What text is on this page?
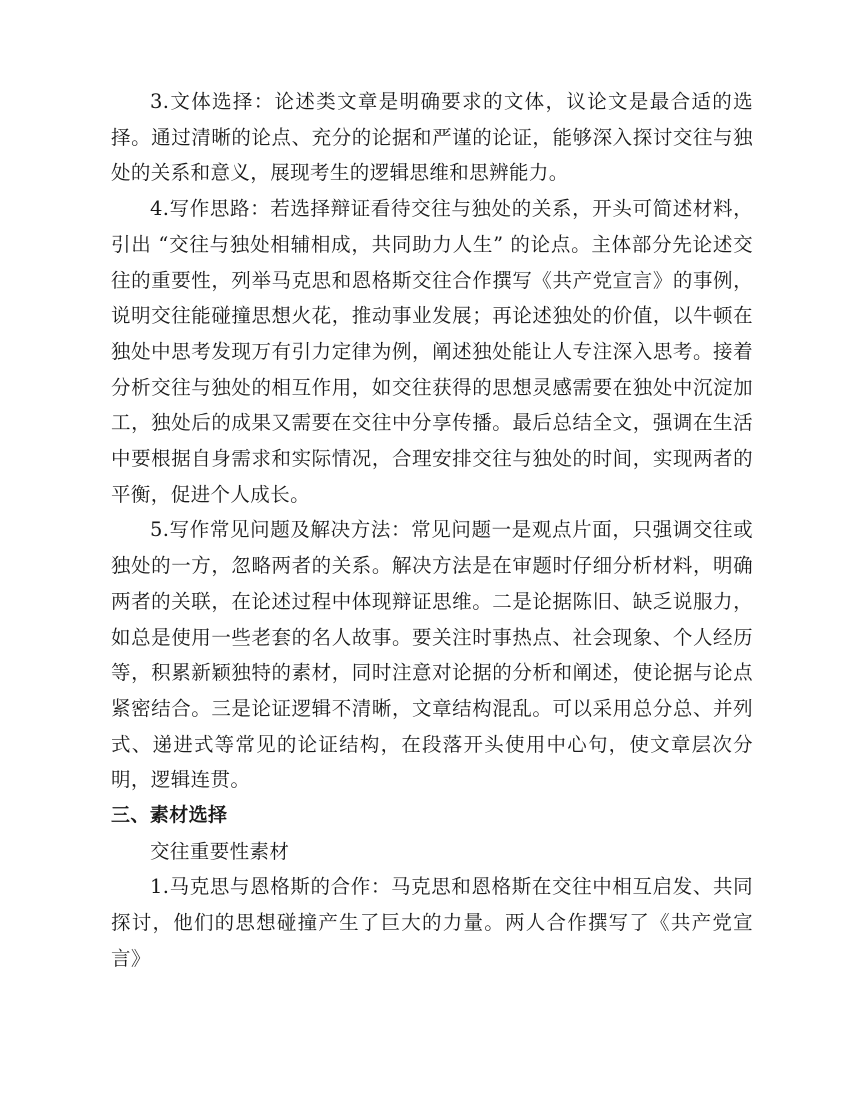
3.文体选择：论述类文章是明确要求的文体，议论文是最合适的选择。通过清晰的论点、充分的论据和严谨的论证，能够深入探讨交往与独处的关系和意义，展现考生的逻辑思维和思辨能力。

4.写作思路：若选择辩证看待交往与独处的关系，开头可简述材料，引出 “交往与独处相辅相成，共同助力人生” 的论点。主体部分先论述交往的重要性，列举马克思和恩格斯交往合作撰写《共产党宣言》的事例，说明交往能碰撞思想火花，推动事业发展；再论述独处的价值，以牛顿在独处中思考发现万有引力定律为例，阐述独处能让人专注深入思考。接着分析交往与独处的相互作用，如交往获得的思想灵感需要在独处中沉淀加工，独处后的成果又需要在交往中分享传播。最后总结全文，强调在生活中要根据自身需求和实际情况，合理安排交往与独处的时间，实现两者的平衡，促进个人成长。

5.写作常见问题及解决方法：常见问题一是观点片面，只强调交往或独处的一方，忽略两者的关系。解决方法是在审题时仔细分析材料，明确两者的关联，在论述过程中体现辩证思维。二是论据陈旧、缺乏说服力，如总是使用一些老套的名人故事。要关注时事热点、社会现象、个人经历等，积累新颖独特的素材，同时注意对论据的分析和阐述，使论据与论点紧密结合。三是论证逻辑不清晰，文章结构混乱。可以采用总分总、并列式、递进式等常见的论证结构，在段落开头使用中心句，使文章层次分明，逻辑连贯。

三、素材选择

交往重要性素材

1.马克思与恩格斯的合作：马克思和恩格斯在交往中相互启发、共同探讨，他们的思想碰撞产生了巨大的力量。两人合作撰写了《共产党宣言》
